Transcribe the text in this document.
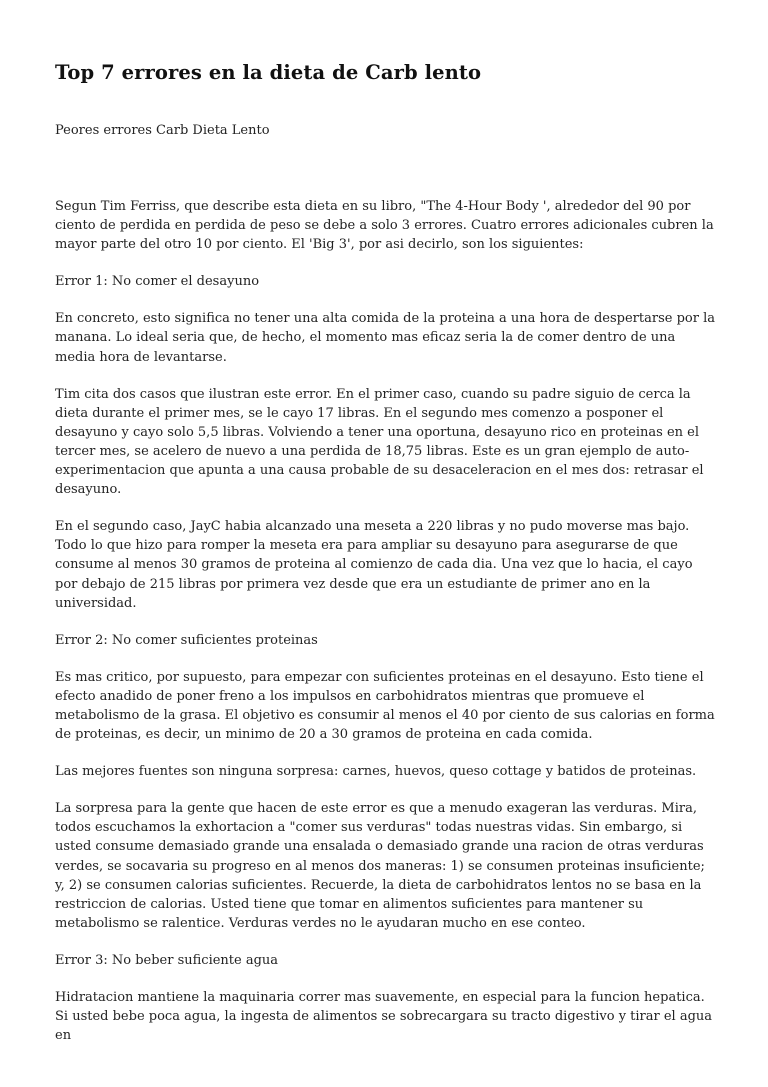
Top 7 errores en la dieta de Carb lento

Peores errores Carb Dieta Lento

Segun Tim Ferriss, que describe esta dieta en su libro, "The 4-Hour Body ', alrededor del 90 por ciento de perdida en perdida de peso se debe a solo 3 errores. Cuatro errores adicionales cubren la mayor parte del otro 10 por ciento. El 'Big 3', por asi decirlo, son los siguientes:

Error 1: No comer el desayuno

En concreto, esto significa no tener una alta comida de la proteina a una hora de despertarse por la manana. Lo ideal seria que, de hecho, el momento mas eficaz seria la de comer dentro de una media hora de levantarse.

Tim cita dos casos que ilustran este error. En el primer caso, cuando su padre siguio de cerca la dieta durante el primer mes, se le cayo 17 libras. En el segundo mes comenzo a posponer el desayuno y cayo solo 5,5 libras. Volviendo a tener una oportuna, desayuno rico en proteinas en el tercer mes, se acelero de nuevo a una perdida de 18,75 libras. Este es un gran ejemplo de auto-experimentacion que apunta a una causa probable de su desaceleracion en el mes dos: retrasar el desayuno.

En el segundo caso, JayC habia alcanzado una meseta a 220 libras y no pudo moverse mas bajo. Todo lo que hizo para romper la meseta era para ampliar su desayuno para asegurarse de que consume al menos 30 gramos de proteina al comienzo de cada dia. Una vez que lo hacia, el cayo por debajo de 215 libras por primera vez desde que era un estudiante de primer ano en la universidad.

Error 2: No comer suficientes proteinas

Es mas critico, por supuesto, para empezar con suficientes proteinas en el desayuno. Esto tiene el efecto anadido de poner freno a los impulsos en carbohidratos mientras que promueve el metabolismo de la grasa. El objetivo es consumir al menos el 40 por ciento de sus calorias en forma de proteinas, es decir, un minimo de 20 a 30 gramos de proteina en cada comida.

Las mejores fuentes son ninguna sorpresa: carnes, huevos, queso cottage y batidos de proteinas.

La sorpresa para la gente que hacen de este error es que a menudo exageran las verduras. Mira, todos escuchamos la exhortacion a "comer sus verduras" todas nuestras vidas. Sin embargo, si usted consume demasiado grande una ensalada o demasiado grande una racion de otras verduras verdes, se socavaria su progreso en al menos dos maneras: 1) se consumen proteinas insuficiente; y, 2) se consumen calorias suficientes. Recuerde, la dieta de carbohidratos lentos no se basa en la restriccion de calorias. Usted tiene que tomar en alimentos suficientes para mantener su metabolismo se ralentice. Verduras verdes no le ayudaran mucho en ese conteo.

Error 3: No beber suficiente agua

Hidratacion mantiene la maquinaria correr mas suavemente, en especial para la funcion hepatica. Si usted bebe poca agua, la ingesta de alimentos se sobrecargara su tracto digestivo y tirar el agua en
